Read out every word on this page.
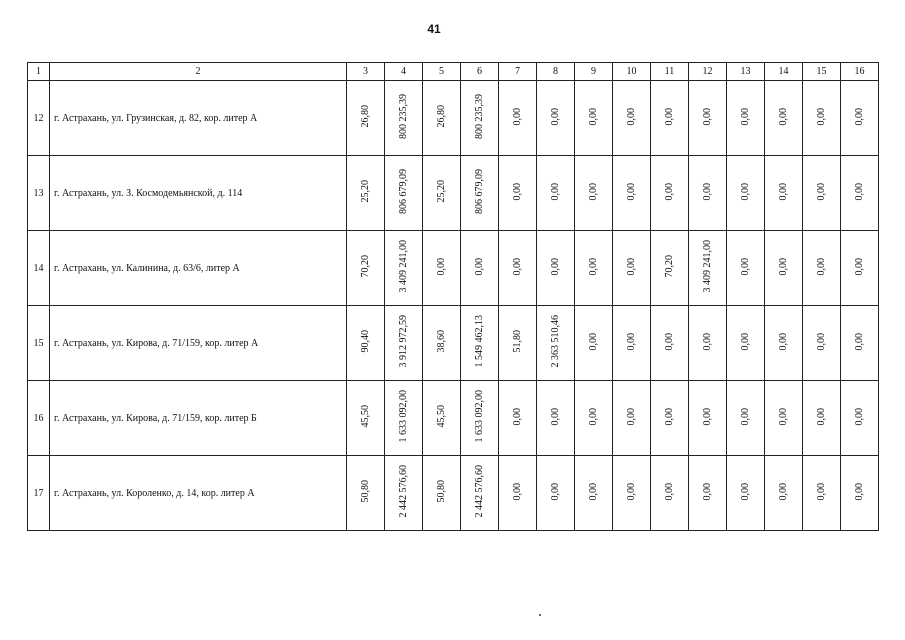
41
1	2	3	4	5	6	7	8	9	10	11	12	13	14	15	16
12	г. Астрахань, ул. Грузинская, д. 82, кор. литер А	26,80	800 235,39	26,80	800 235,39	0,00	0,00	0,00	0,00	0,00	0,00	0,00	0,00	0,00	0,00
13	г. Астрахань, ул. З. Космодемьянской, д. 114	25,20	806 679,09	25,20	806 679,09	0,00	0,00	0,00	0,00	0,00	0,00	0,00	0,00	0,00	0,00
14	г. Астрахань, ул. Калинина, д. 63/6, литер А	70,20	3 409 241,00	0,00	0,00	0,00	0,00	0,00	0,00	70,20	3 409 241,00	0,00	0,00	0,00	0,00
15	г. Астрахань, ул. Кирова, д. 71/159, кор. литер А	90,40	3 912 972,59	38,60	1 549 462,13	51,80	2 363 510,46	0,00	0,00	0,00	0,00	0,00	0,00	0,00	0,00
16	г. Астрахань, ул. Кирова, д. 71/159, кор. литер Б	45,50	1 633 092,00	45,50	1 633 092,00	0,00	0,00	0,00	0,00	0,00	0,00	0,00	0,00	0,00	0,00
17	г. Астрахань, ул. Короленко, д. 14, кор. литер А	50,80	2 442 576,60	50,80	2 442 576,60	0,00	0,00	0,00	0,00	0,00	0,00	0,00	0,00	0,00	0,00
